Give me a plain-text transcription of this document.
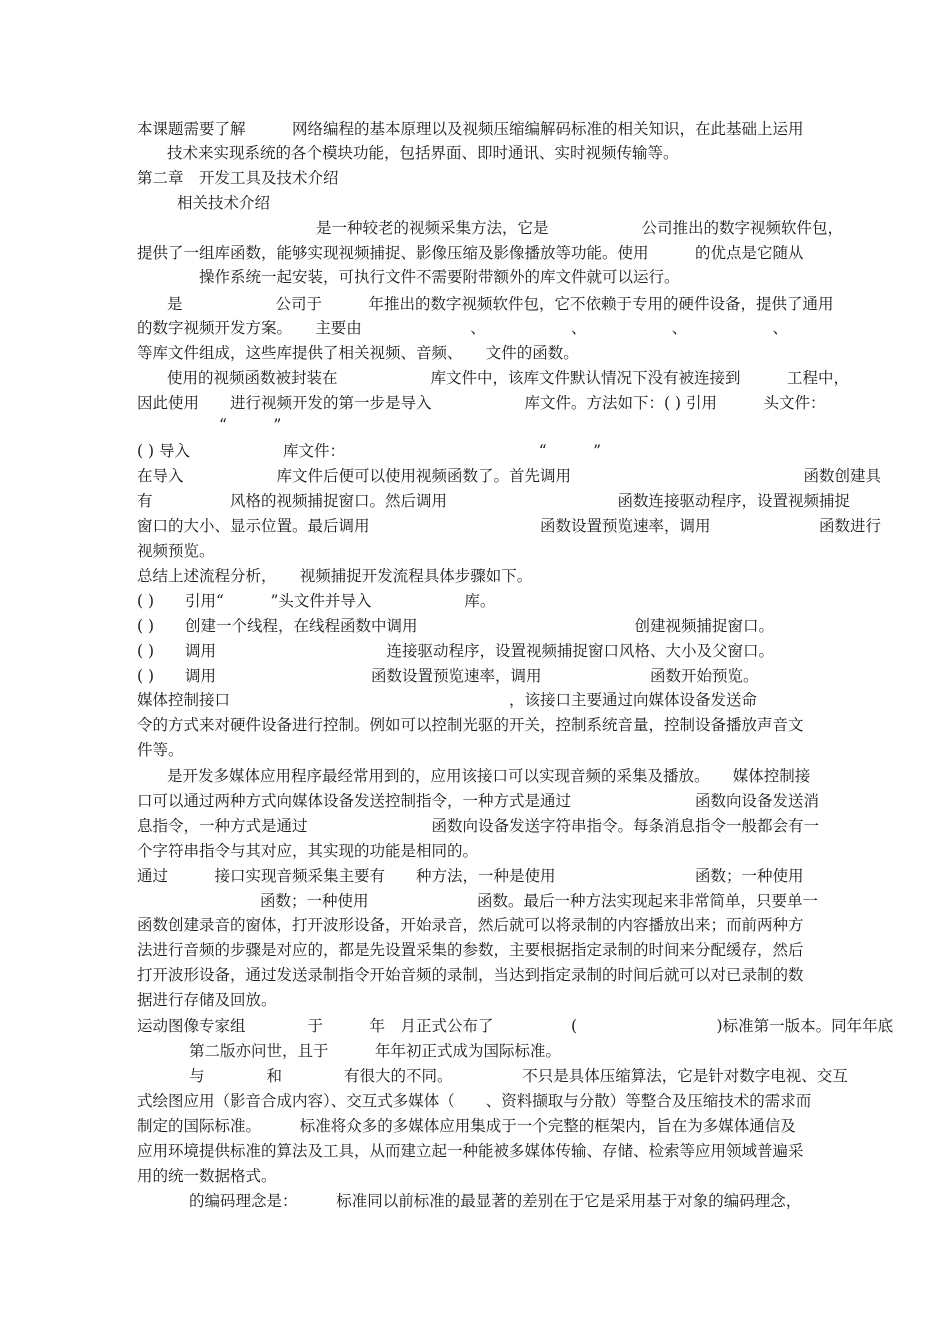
本课题需要了解　　　网络编程的基本原理以及视频压缩编解码标准的相关知识，在此基础上运用
技术来实现系统的各个模块功能，包括界面、即时通讯、实时视频传输等。
第二章　开发工具及技术介绍
相关技术介绍
是一种较老的视频采集方法，它是　　　　　　公司推出的数字视频软件包，
提供了一组库函数，能够实现视频捕捉、影像压缩及影像播放等功能。使用　　　的优点是它随从
操作系统一起安装，可执行文件不需要附带额外的库文件就可以运行。
是　　　　　　公司于　　　年推出的数字视频软件包，它不依赖于专用的硬件设备，提供了通用
的数字视频开发方案。　　主要由　　　　　　　、　　　　　　、　　　　　　、　　　　　　、
等库文件组成，这些库提供了相关视频、音频、　　文件的函数。
使用的视频函数被封装在　　　　　　库文件中，该库文件默认情况下没有被连接到　　　工程中，
因此使用　　进行视频开发的第一步是导入　　　　　　库文件。方法如下：( ) 引用　　　头文件：
“　　　”
( ) 导入　　　　　　库文件：　　　　　　　　　　　　　“　　　”
在导入　　　　　　库文件后便可以使用视频函数了。首先调用　　　　　　　　　　　　　　　函数创建具
有　　　　　风格的视频捕捉窗口。然后调用　　　　　　　　　　　函数连接驱动程序，设置视频捕捉
窗口的大小、显示位置。最后调用　　　　　　　　　　　函数设置预览速率，调用　　　　　　　函数进行
视频预览。
总结上述流程分析，　　视频捕捉开发流程具体步骤如下。
( )　　引用“　　　”头文件并导入　　　　　　库。
( )　　创建一个线程，在线程函数中调用　　　　　　　　　　　　　　创建视频捕捉窗口。
( )　　调用　　　　　　　　　　　连接驱动程序，设置视频捕捉窗口风格、大小及父窗口。
( )　　调用　　　　　　　　　　函数设置预览速率，调用　　　　　　　函数开始预览。
媒体控制接口　　　　　　　　　　　　　　　　　　，该接口主要通过向媒体设备发送命
令的方式来对硬件设备进行控制。例如可以控制光驱的开关，控制系统音量，控制设备播放声音文
件等。
是开发多媒体应用程序最经常用到的，应用该接口可以实现音频的采集及播放。　　媒体控制接
口可以通过两种方式向媒体设备发送控制指令，一种方式是通过　　　　　　　　函数向设备发送消
息指令，一种方式是通过　　　　　　　　函数向设备发送字符串指令。每条消息指令一般都会有一
个字符串指令与其对应，其实现的功能是相同的。
通过　　　接口实现音频采集主要有　　种方法，一种是使用　　　　　　　　　函数；一种使用
函数；一种使用　　　　　　　函数。最后一种方法实现起来非常简单，只要单一
函数创建录音的窗体，打开波形设备，开始录音，然后就可以将录制的内容播放出来；而前两种方
法进行音频的步骤是对应的，都是先设置采集的参数，主要根据指定录制的时间来分配缓存，然后
打开波形设备，通过发送录制指令开始音频的录制，当达到指定录制的时间后就可以对已录制的数
据进行存储及回放。
运动图像专家组　　　　于　　　年　月正式公布了　　　　　(　　　　　　　　　)标准第一版本。同年年底
第二版亦问世，且于　　　年年初正式成为国际标准。
与　　　　和　　　　有很大的不同。　　　　　不只是具体压缩算法，它是针对数字电视、交互
式绘图应用（影音合成内容）、交互式多媒体（　　、资料撷取与分散）等整合及压缩技术的需求而
制定的国际标准。　　　标准将众多的多媒体应用集成于一个完整的框架内，旨在为多媒体通信及
应用环境提供标准的算法及工具，从而建立起一种能被多媒体传输、存储、检索等应用领域普遍采
用的统一数据格式。
的编码理念是：　　　标准同以前标准的最显著的差别在于它是采用基于对象的编码理念，
